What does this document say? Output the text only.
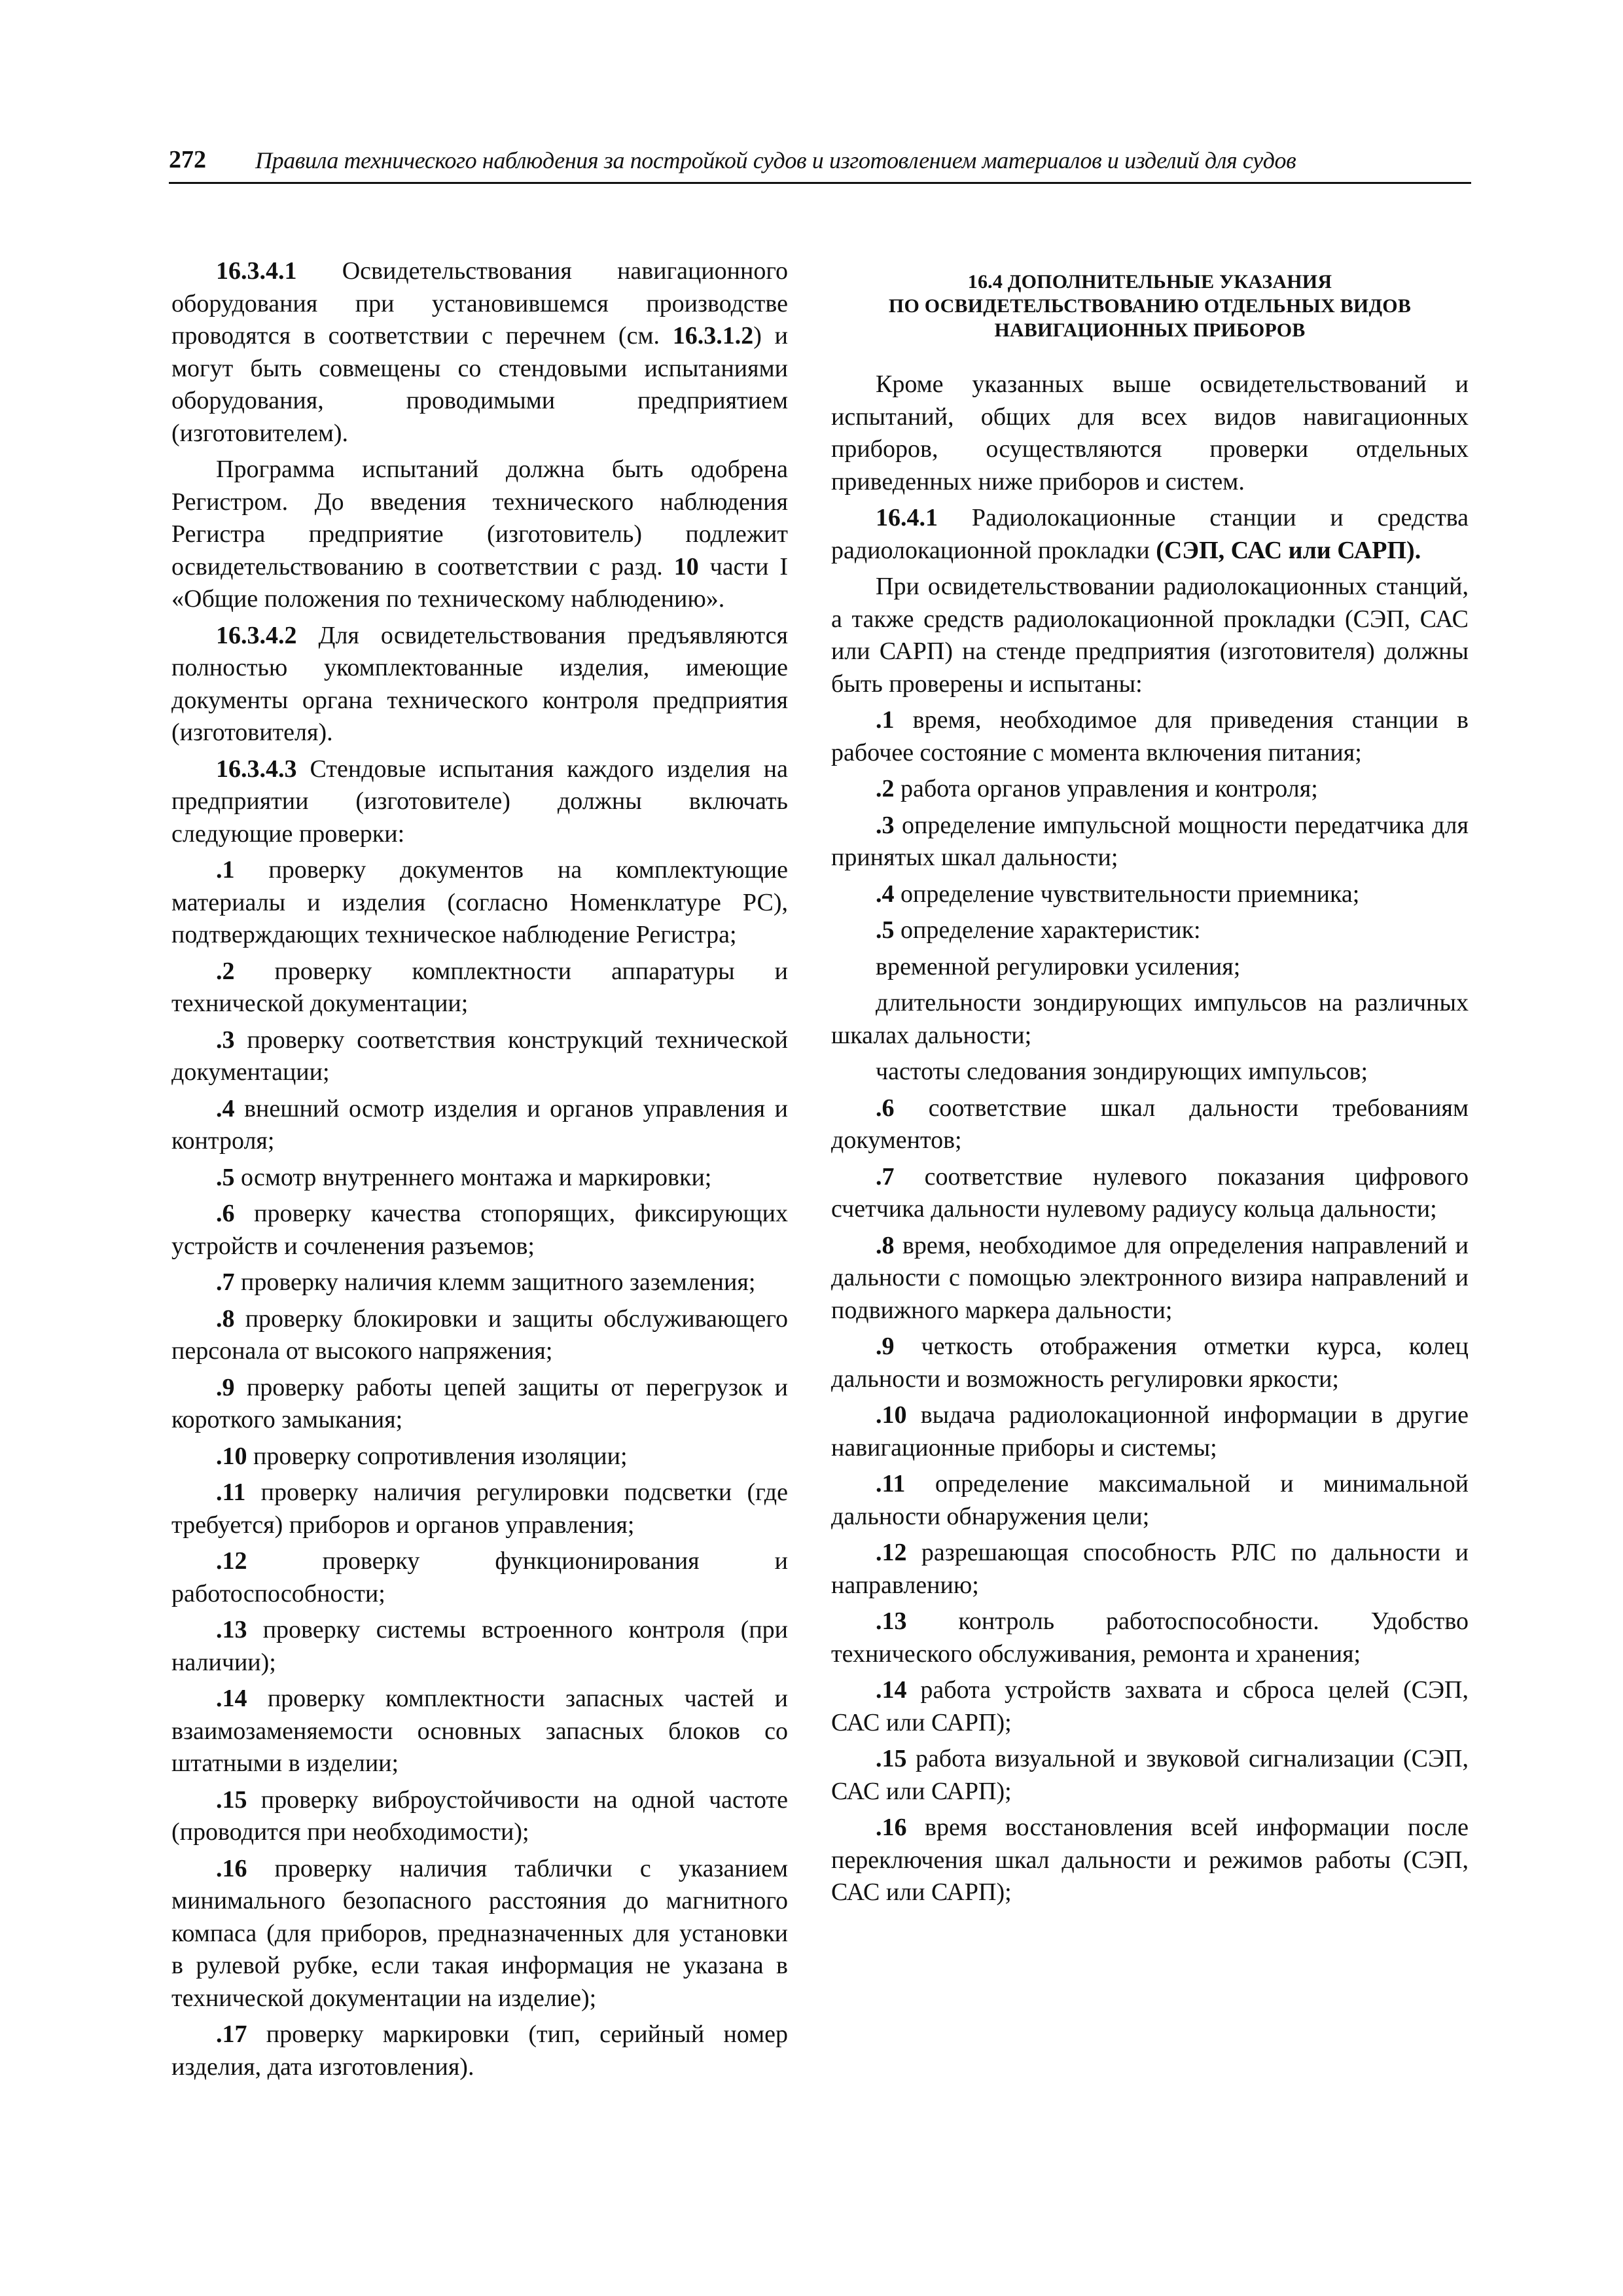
272 Правила технического наблюдения за постройкой судов и изготовлением материалов и изделий для судов

16.3.4.1 Освидетельствования навигационного оборудования при установившемся производстве проводятся в соответствии с перечнем (см. 16.3.1.2) и могут быть совмещены со стендовыми испытаниями оборудования, проводимыми предприятием (изготовителем).

Программа испытаний должна быть одобрена Регистром. До введения технического наблюдения Регистра предприятие (изготовитель) подлежит освидетельствованию в соответствии с разд. 10 части I «Общие положения по техническому наблюдению».

16.3.4.2 Для освидетельствования предъявляются полностью укомплектованные изделия, имеющие документы органа технического контроля предприятия (изготовителя).

16.3.4.3 Стендовые испытания каждого изделия на предприятии (изготовителе) должны включать следующие проверки:

.1 проверку документов на комплектующие материалы и изделия (согласно Номенклатуре РС), подтверждающих техническое наблюдение Регистра;

.2 проверку комплектности аппаратуры и технической документации;

.3 проверку соответствия конструкций технической документации;

.4 внешний осмотр изделия и органов управления и контроля;

.5 осмотр внутреннего монтажа и маркировки;

.6 проверку качества стопорящих, фиксирующих устройств и сочленения разъемов;

.7 проверку наличия клемм защитного заземления;

.8 проверку блокировки и защиты обслуживающего персонала от высокого напряжения;

.9 проверку работы цепей защиты от перегрузок и короткого замыкания;

.10 проверку сопротивления изоляции;

.11 проверку наличия регулировки подсветки (где требуется) приборов и органов управления;

.12 проверку функционирования и работоспособности;

.13 проверку системы встроенного контроля (при наличии);

.14 проверку комплектности запасных частей и взаимозаменяемости основных запасных блоков со штатными в изделии;

.15 проверку виброустойчивости на одной частоте (проводится при необходимости);

.16 проверку наличия таблички с указанием минимального безопасного расстояния до магнитного компаса (для приборов, предназначенных для установки в рулевой рубке, если такая информация не указана в технической документации на изделие);

.17 проверку маркировки (тип, серийный номер изделия, дата изготовления).

16.4 ДОПОЛНИТЕЛЬНЫЕ УКАЗАНИЯ
ПО ОСВИДЕТЕЛЬСТВОВАНИЮ ОТДЕЛЬНЫХ ВИДОВ
НАВИГАЦИОННЫХ ПРИБОРОВ

Кроме указанных выше освидетельствований и испытаний, общих для всех видов навигационных приборов, осуществляются проверки отдельных приведенных ниже приборов и систем.

16.4.1 Радиолокационные станции и средства радиолокационной прокладки (СЭП, САС или САРП).

При освидетельствовании радиолокационных станций, а также средств радиолокационной прокладки (СЭП, САС или САРП) на стенде предприятия (изготовителя) должны быть проверены и испытаны:

.1 время, необходимое для приведения станции в рабочее состояние с момента включения питания;

.2 работа органов управления и контроля;

.3 определение импульсной мощности передатчика для принятых шкал дальности;

.4 определение чувствительности приемника;

.5 определение характеристик:

временной регулировки усиления;

длительности зондирующих импульсов на различных шкалах дальности;

частоты следования зондирующих импульсов;

.6 соответствие шкал дальности требованиям документов;

.7 соответствие нулевого показания цифрового счетчика дальности нулевому радиусу кольца дальности;

.8 время, необходимое для определения направлений и дальности с помощью электронного визира направлений и подвижного маркера дальности;

.9 четкость отображения отметки курса, колец дальности и возможность регулировки яркости;

.10 выдача радиолокационной информации в другие навигационные приборы и системы;

.11 определение максимальной и минимальной дальности обнаружения цели;

.12 разрешающая способность РЛС по дальности и направлению;

.13 контроль работоспособности. Удобство технического обслуживания, ремонта и хранения;

.14 работа устройств захвата и сброса целей (СЭП, САС или САРП);

.15 работа визуальной и звуковой сигнализации (СЭП, САС или САРП);

.16 время восстановления всей информации после переключения шкал дальности и режимов работы (СЭП, САС или САРП);
